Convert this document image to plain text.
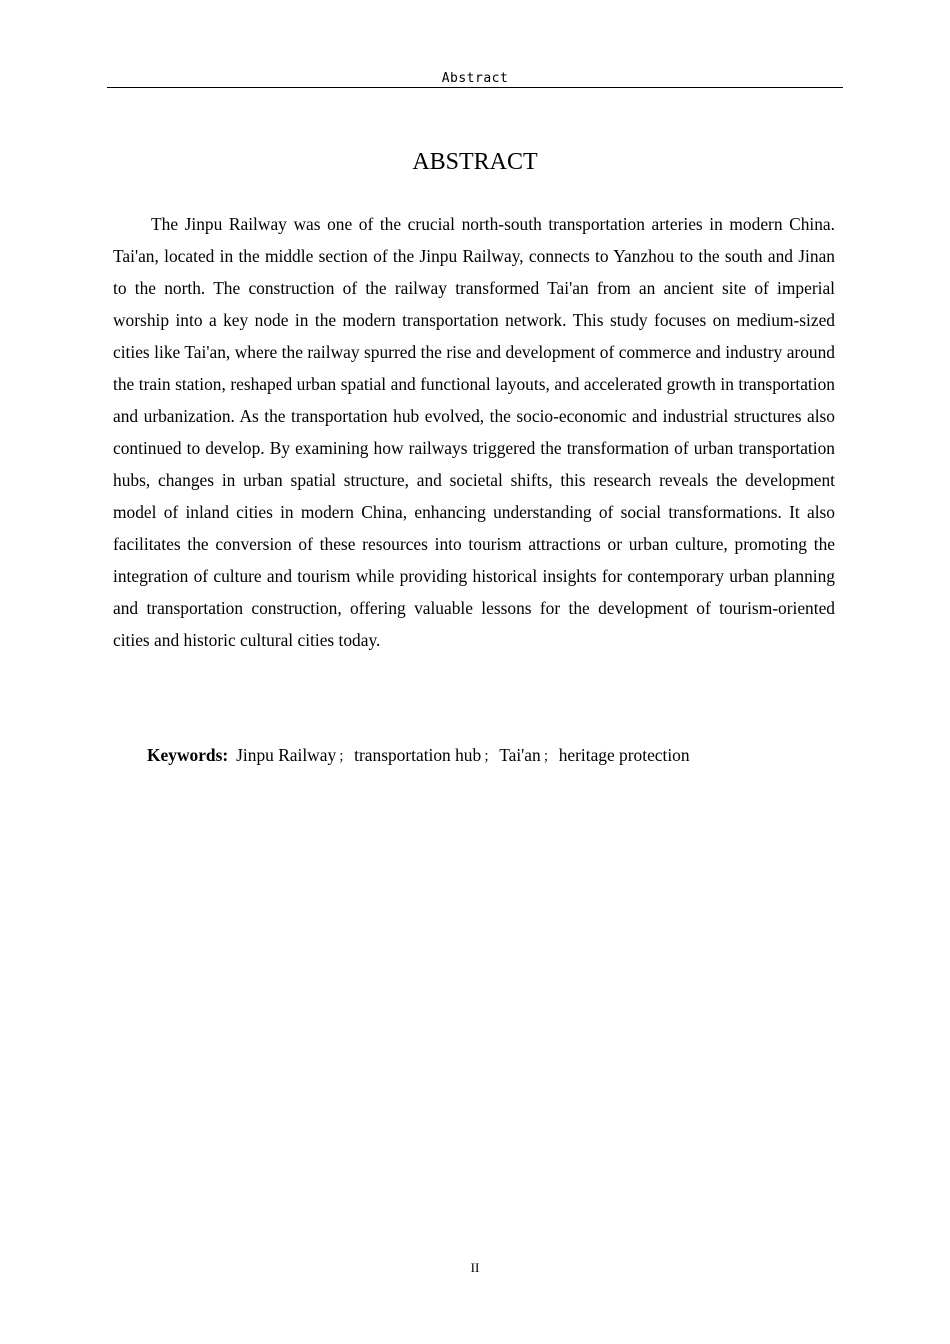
Abstract
ABSTRACT

The Jinpu Railway was one of the crucial north-south transportation arteries in modern China. Tai'an, located in the middle section of the Jinpu Railway, connects to Yanzhou to the south and Jinan to the north. The construction of the railway transformed Tai'an from an ancient site of imperial worship into a key node in the modern transportation network. This study focuses on medium-sized cities like Tai'an, where the railway spurred the rise and development of commerce and industry around the train station, reshaped urban spatial and functional layouts, and accelerated growth in transportation and urbanization. As the transportation hub evolved, the socio-economic and industrial structures also continued to develop. By examining how railways triggered the transformation of urban transportation hubs, changes in urban spatial structure, and societal shifts, this research reveals the development model of inland cities in modern China, enhancing understanding of social transformations. It also facilitates the conversion of these resources into tourism attractions or urban culture, promoting the integration of culture and tourism while providing historical insights for contemporary urban planning and transportation construction, offering valuable lessons for the development of tourism-oriented cities and historic cultural cities today.

Keywords: Jinpu Railway ； transportation hub ； Tai'an ； heritage protection

II
